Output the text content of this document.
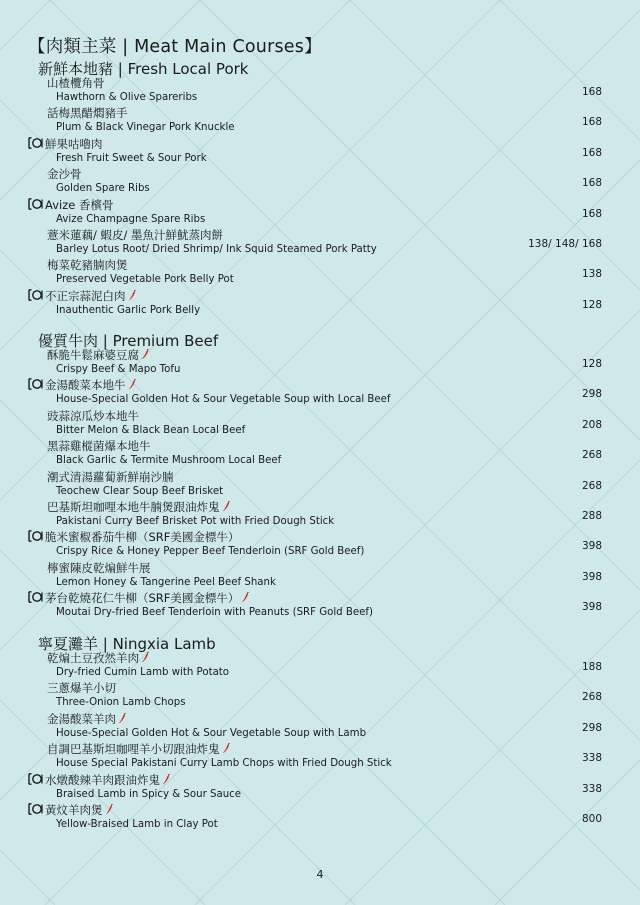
【肉類主菜 | Meat Main Courses】
新鮮本地豬 | Fresh Local Pork
山楂欖角骨
Hawthorn & Olive Spareribs	168
話梅黑醋燜豬手
Plum & Black Vinegar Pork Knuckle	168
鮮果咕嚕肉
Fresh Fruit Sweet & Sour Pork	168
金沙骨
Golden Spare Ribs	168
Avize 香檳骨
Avize Champagne Spare Ribs	168
薏米蓮藕/ 蝦皮/ 墨魚汁鮮魷蒸肉餅
Barley Lotus Root/ Dried Shrimp/ Ink Squid Steamed Pork Patty	138/ 148/ 168
梅菜乾豬腩肉煲
Preserved Vegetable Pork Belly Pot	138
不正宗蒜泥白肉
Inauthentic Garlic Pork Belly	128
優質牛肉 | Premium Beef
酥脆牛鬆麻婆豆腐
Crispy Beef & Mapo Tofu	128
金湯酸菜本地牛
House-Special Golden Hot & Sour Vegetable Soup with Local Beef	298
豉蒜涼瓜炒本地牛
Bitter Melon & Black Bean Local Beef	208
黑蒜雞樅菌爆本地牛
Black Garlic & Termite Mushroom Local Beef	268
潮式清湯蘿蔔新鮮崩沙腩
Teochew Clear Soup Beef Brisket	268
巴基斯坦咖哩本地牛腩煲跟油炸鬼
Pakistani Curry Beef Brisket Pot with Fried Dough Stick	288
脆米蜜椒番茄牛柳（SRF美國金標牛）
Crispy Rice & Honey Pepper Beef Tenderloin (SRF Gold Beef)	398
檸蜜陳皮乾煸鮮牛展
Lemon Honey & Tangerine Peel Beef Shank	398
茅台乾燒花仁牛柳（SRF美國金標牛）
Moutai Dry-fried Beef Tenderloin with Peanuts (SRF Gold Beef)	398
寧夏灘羊 | Ningxia Lamb
乾煸土豆孜然羊肉
Dry-fried Cumin Lamb with Potato	188
三蔥爆羊小切
Three-Onion Lamb Chops	268
金湯酸菜羊肉
House-Special Golden Hot & Sour Vegetable Soup with Lamb	298
自調巴基斯坦咖哩羊小切跟油炸鬼
House Special Pakistani Curry Lamb Chops with Fried Dough Stick	338
水燉酸辣羊肉跟油炸鬼
Braised Lamb in Spicy & Sour Sauce	338
黃炆羊肉煲
Yellow-Braised Lamb in Clay Pot	800
4
